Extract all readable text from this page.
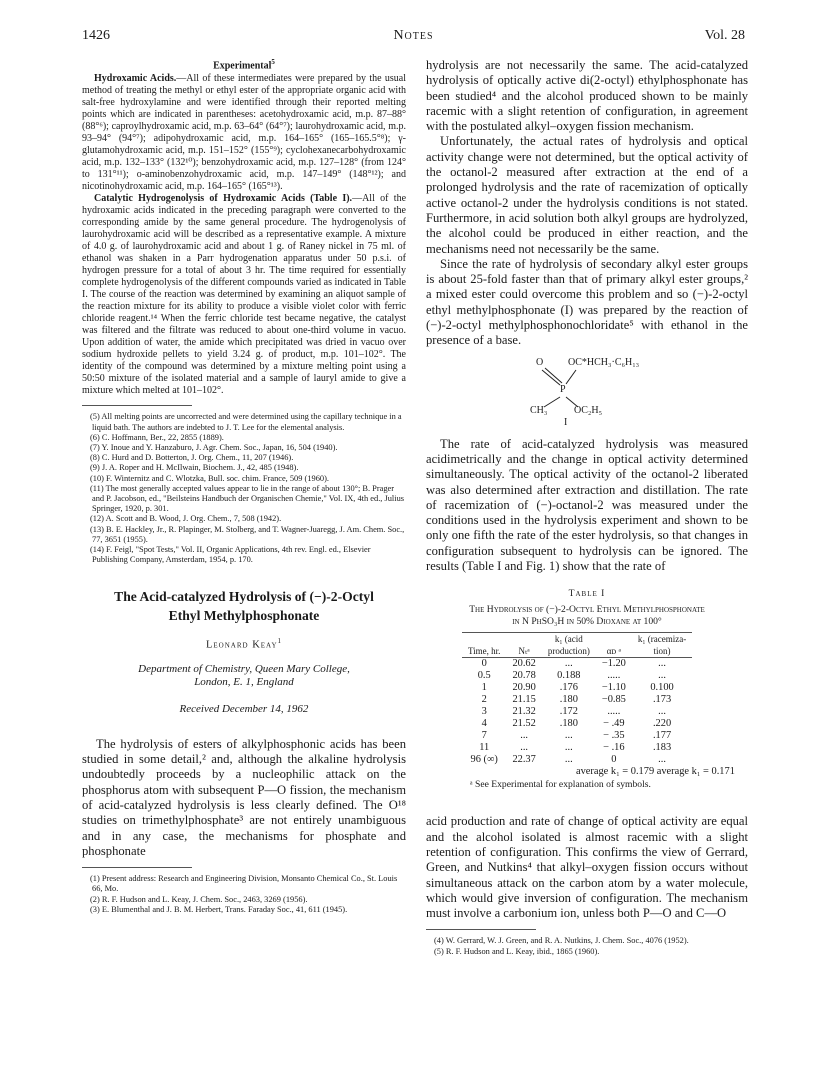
1426	Notes	Vol. 28
Experimental$^5$

Hydroxamic Acids.—All of these intermediates were prepared by the usual method of treating the methyl or ethyl ester of the appropriate organic acid with salt-free hydroxylamine and were identified through their reported melting points which are indicated in parentheses: acetohydroxamic acid, m.p. 87–88° (88°⁶); caproylhydroxamic acid, m.p. 63–64° (64°⁷); laurohydroxamic acid, m.p. 93–94° (94°⁷); adipohydroxamic acid, m.p. 164–165° (165–165.5°⁸); γ-glutamohydroxamic acid, m.p. 151–152° (155°⁹); cyclohexanecarbohydroxamic acid, m.p. 132–133° (132¹⁰); benzohydroxamic acid, m.p. 127–128° (from 124° to 131°¹¹); o-aminobenzohydroxamic acid, m.p. 147–149° (148°¹²); and nicotinohydroxamic acid, m.p. 164–165° (165°¹³).

Catalytic Hydrogenolysis of Hydroxamic Acids (Table I).—All of the hydroxamic acids indicated in the preceding paragraph were converted to the corresponding amide by the same general procedure. The hydrogenolysis of laurohydroxamic acid will be described as a representative example. A mixture of 4.0 g. of laurohydroxamic acid and about 1 g. of Raney nickel in 75 ml. of ethanol was shaken in a Parr hydrogenation apparatus under 50 p.s.i. of hydrogen pressure for a total of about 3 hr. The time required for essentially complete hydrogenolysis of the different compounds varied as indicated in Table I. The course of the reaction was determined by examining an aliquot sample of the reaction mixture for its ability to produce a visible violet color with ferric chloride reagent.¹⁴ When the ferric chloride test became negative, the catalyst was filtered and the filtrate was reduced to about one-third volume in vacuo. Upon addition of water, the amide which precipitated was dried in vacuo over sodium hydroxide pellets to yield 3.24 g. of product, m.p. 101–102°. The identity of the compound was determined by a mixture melting point using a 50:50 mixture of the isolated material and a sample of lauryl amide to give a mixture which melted at 101–102°.

(5) All melting points are uncorrected and were determined using the capillary technique in a liquid bath. The authors are indebted to J. T. Lee for the elemental analysis.

(6) C. Hoffmann, Ber., 22, 2855 (1889).

(7) Y. Inoue and Y. Hanzaburo, J. Agr. Chem. Soc., Japan, 16, 504 (1940).

(8) C. Hurd and D. Botterton, J. Org. Chem., 11, 207 (1946).

(9) J. A. Roper and H. McIlwain, Biochem. J., 42, 485 (1948).

(10) F. Winternitz and C. Wlotzka, Bull. soc. chim. France, 509 (1960).

(11) The most generally accepted values appear to lie in the range of about 130°; B. Prager and P. Jacobson, ed., "Beilsteins Handbuch der Organischen Chemie," Vol. IX, 4th ed., Julius Springer, 1920, p. 301.

(12) A. Scott and B. Wood, J. Org. Chem., 7, 508 (1942).

(13) B. E. Hackley, Jr., R. Plapinger, M. Stolberg, and T. Wagner-Juaregg, J. Am. Chem. Soc., 77, 3651 (1955).

(14) F. Feigl, "Spot Tests," Vol. II, Organic Applications, 4th rev. Engl. ed., Elsevier Publishing Company, Amsterdam, 1954, p. 170.

The Acid-catalyzed Hydrolysis of (−)-2-Octyl
Ethyl Methylphosphonate
Leonard Keay$^1$
Department of Chemistry, Queen Mary College,
London, E. 1, England
Received December 14, 1962

The hydrolysis of esters of alkylphosphonic acids has been studied in some detail,² and, although the alkaline hydrolysis undoubtedly proceeds by a nucleophilic attack on the phosphorus atom with subsequent P—O fission, the mechanism of acid-catalyzed hydrolysis is less clearly defined. The O¹⁸ studies on trimethylphosphate³ are not entirely unambiguous and in any case, the mechanisms for phosphate and phosphonate

(1) Present address: Research and Engineering Division, Monsanto Chemical Co., St. Louis 66, Mo.

(2) R. F. Hudson and L. Keay, J. Chem. Soc., 2463, 3269 (1956).

(3) E. Blumenthal and J. B. M. Herbert, Trans. Faraday Soc., 41, 611 (1945).

hydrolysis are not necessarily the same. The acid-catalyzed hydrolysis of optically active di(2-octyl) ethylphosphonate has been studied⁴ and the alcohol produced shown to be mainly racemic with a slight retention of configuration, in agreement with the postulated alkyl–oxygen fission mechanism.

Unfortunately, the actual rates of hydrolysis and optical activity change were not determined, but the optical activity of the octanol-2 measured after extraction at the end of a prolonged hydrolysis and the rate of racemization of optically active octanol-2 under the hydrolysis conditions is not stated. Furthermore, in acid solution both alkyl groups are hydrolyzed, the alcohol could be produced in either reaction, and the mechanisms need not necessarily be the same.

Since the rate of hydrolysis of secondary alkyl ester groups is about 25-fold faster than that of primary alkyl ester groups,² a mixed ester could overcome this problem and so (−)-2-octyl ethyl methylphosphonate (I) was prepared by the reaction of (−)-2-octyl methylphosphonochloridate⁵ with ethanol in the presence of a base.

O OC*HCH₃·C₆H₁₃
P
CH₃	OC₂H₅
I

The rate of acid-catalyzed hydrolysis was measured acidimetrically and the change in optical activity determined simultaneously. The optical activity of the octanol-2 liberated was also determined after extraction and distillation. The rate of racemization of (−)-octanol-2 was measured under the conditions used in the hydrolysis experiment and shown to be only one fifth the rate of the ester hydrolysis, so that changes in configuration subsequent to hydrolysis can be ignored. The results (Table I and Fig. 1) show that the rate of

Table I
The Hydrolysis of (−)-2-Octyl Ethyl Methylphosphonate
in N PhSO₃H in 50% Dioxane at 100°
		k₁ (acid		k₁ (racemiza-
Time, hr.	Nₜᵃ	production)	αᴅ ᵃ	tion)
0	20.62	...	−1.20	...
0.5	20.78	0.188	.....	...
1	20.90	.176	−1.10	0.100
2	21.15	.180	−0.85	.173
3	21.32	.172	.....	...
4	21.52	.180	− .49	.220
7	...	...	− .35	.177
11	...	...	− .16	.183
96 (∞)	22.37	...	0	...
average k₁ = 0.179 average k₁ = 0.171
ᵃ See Experimental for explanation of symbols.

acid production and rate of change of optical activity are equal and the alcohol isolated is almost racemic with a slight retention of configuration. This confirms the view of Gerrard, Green, and Nutkins⁴ that alkyl–oxygen fission occurs without simultaneous attack on the carbon atom by a water molecule, which would give inversion of configuration. The mechanism must involve a carbonium ion, unless both P—O and C—O

(4) W. Gerrard, W. J. Green, and R. A. Nutkins, J. Chem. Soc., 4076 (1952).

(5) R. F. Hudson and L. Keay, ibid., 1865 (1960).
